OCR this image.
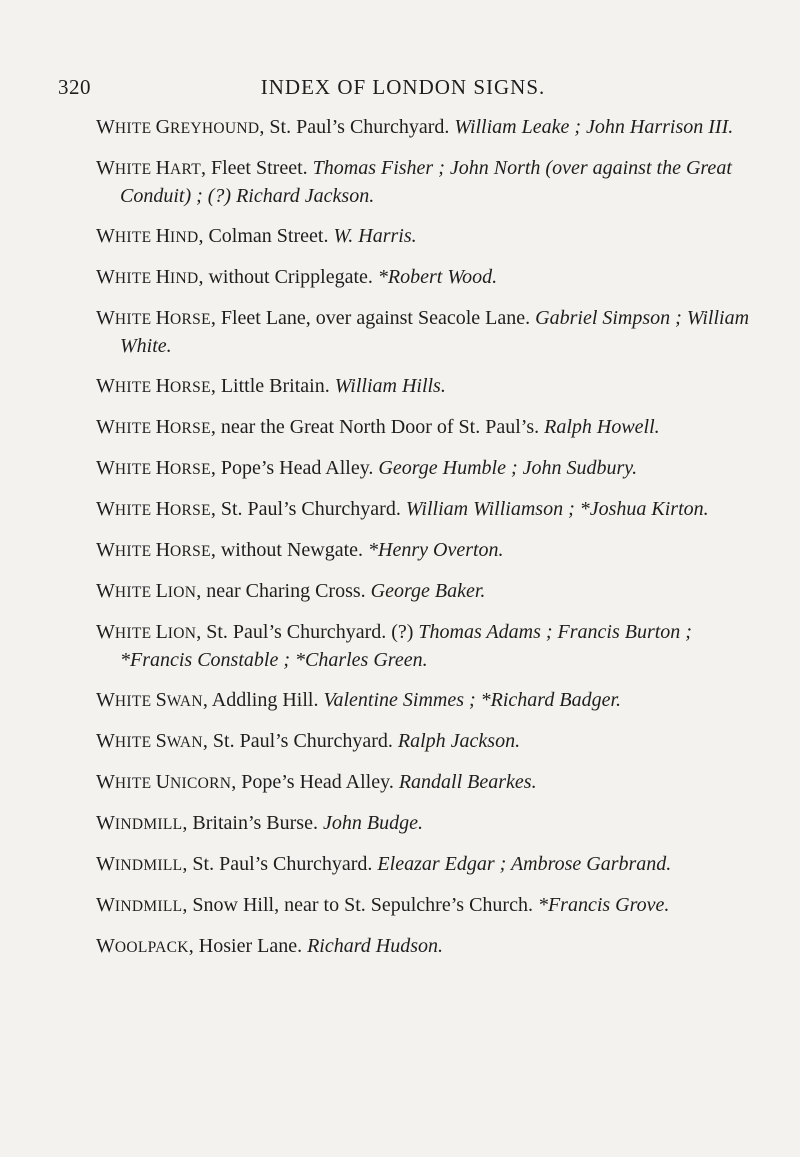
320	INDEX OF LONDON SIGNS.
WHITE GREYHOUND, St. Paul’s Churchyard. William Leake ; John Harrison III.
WHITE HART, Fleet Street. Thomas Fisher ; John North (over against the Great Conduit) ; (?) Richard Jackson.
WHITE HIND, Colman Street. W. Harris.
WHITE HIND, without Cripplegate. *Robert Wood.
WHITE HORSE, Fleet Lane, over against Seacole Lane. Gabriel Simpson ; William White.
WHITE HORSE, Little Britain. William Hills.
WHITE HORSE, near the Great North Door of St. Paul’s. Ralph Howell.
WHITE HORSE, Pope’s Head Alley. George Humble ; John Sudbury.
WHITE HORSE, St. Paul’s Churchyard. William Williamson ; *Joshua Kirton.
WHITE HORSE, without Newgate. *Henry Overton.
WHITE LION, near Charing Cross. George Baker.
WHITE LION, St. Paul’s Churchyard. (?) Thomas Adams ; Francis Burton ; *Francis Constable ; *Charles Green.
WHITE SWAN, Addling Hill. Valentine Simmes ; *Richard Badger.
WHITE SWAN, St. Paul’s Churchyard. Ralph Jackson.
WHITE UNICORN, Pope’s Head Alley. Randall Bearkes.
WINDMILL, Britain’s Burse. John Budge.
WINDMILL, St. Paul’s Churchyard. Eleazar Edgar ; Ambrose Garbrand.
WINDMILL, Snow Hill, near to St. Sepulchre’s Church. *Francis Grove.
WOOLPACK, Hosier Lane. Richard Hudson.
